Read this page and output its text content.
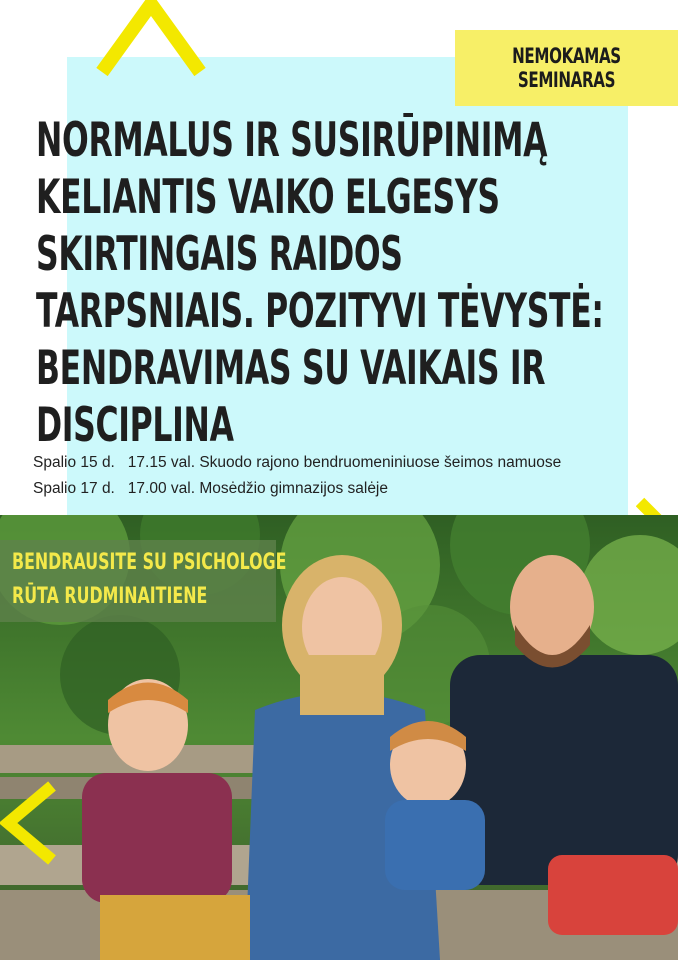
NEMOKAMAS
SEMINARAS
NORMALUS IR SUSIRŪPINIMĄ
KELIANTIS VAIKO ELGESYS
SKIRTINGAIS RAIDOS
TARPSNIAIS. POZITYVI TĖVYSTĖ:
BENDRAVIMAS SU VAIKAIS IR
DISCIPLINA
Spalio 15 d. 17.15 val. Skuodo rajono bendruomeniniuose šeimos namuose
Spalio 17 d. 17.00 val. Mosėdžio gimnazijos salėje
BENDRAUSITE SU PSICHOLOGE
RŪTA RUDMINAITIENE
